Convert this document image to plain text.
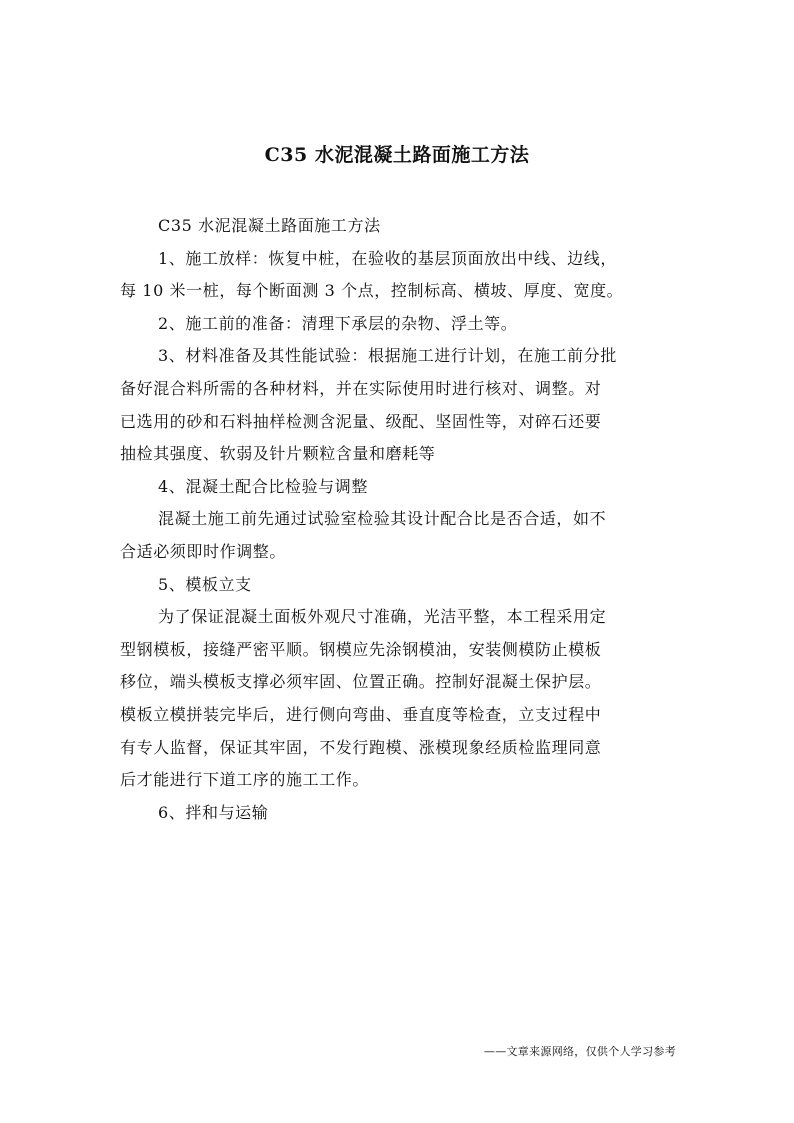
C35 水泥混凝土路面施工方法

C35 水泥混凝土路面施工方法

1、施工放样：恢复中桩，在验收的基层顶面放出中线、边线，
每 10 米一桩，每个断面测 3 个点，控制标高、横坡、厚度、宽度。

2、施工前的准备：清理下承层的杂物、浮土等。

3、材料准备及其性能试验：根据施工进行计划，在施工前分批
备好混合料所需的各种材料，并在实际使用时进行核对、调整。对
已选用的砂和石料抽样检测含泥量、级配、坚固性等，对碎石还要
抽检其强度、软弱及针片颗粒含量和磨耗等

4、混凝土配合比检验与调整

混凝土施工前先通过试验室检验其设计配合比是否合适，如不
合适必须即时作调整。

5、模板立支

为了保证混凝土面板外观尺寸准确，光洁平整，本工程采用定
型钢模板，接缝严密平顺。钢模应先涂钢模油，安装侧模防止模板
移位，端头模板支撑必须牢固、位置正确。控制好混凝土保护层。
模板立模拼装完毕后，进行侧向弯曲、垂直度等检查，立支过程中
有专人监督，保证其牢固，不发行跑模、涨模现象经质检监理同意
后才能进行下道工序的施工工作。

6、拌和与运输

——文章来源网络，仅供个人学习参考
